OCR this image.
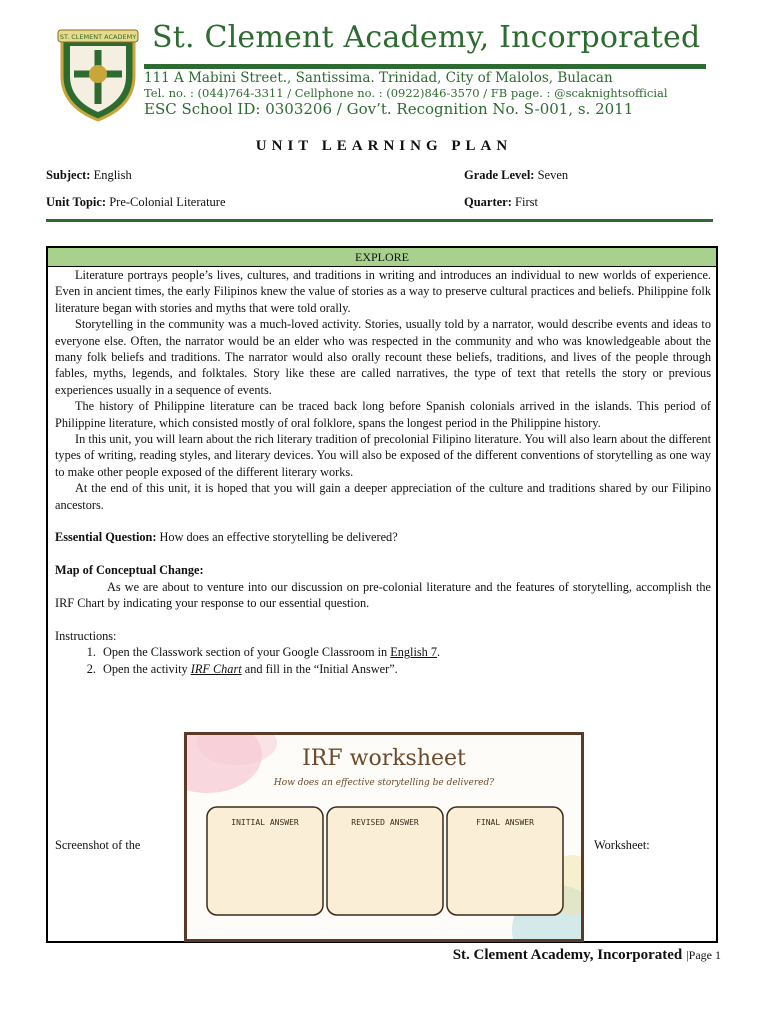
ST. CLEMENT ACADEMY St. Clement Academy, Incorporated
111 A Mabini Street., Santissima. Trinidad, City of Malolos, Bulacan
Tel. no. : (044)764-3311 / Cellphone no. : (0922)846-3570 / FB page. : @scaknightsofficial
ESC School ID: 0303206 / Gov’t. Recognition No. S-001, s. 2011
UNIT LEARNING PLAN
Subject: English	Grade Level: Seven
Unit Topic: Pre-Colonial Literature	Quarter: First
EXPLORE

Literature portrays people’s lives, cultures, and traditions in writing and introduces an individual to new worlds of experience. Even in ancient times, the early Filipinos knew the value of stories as a way to preserve cultural practices and beliefs. Philippine folk literature began with stories and myths that were told orally.

Storytelling in the community was a much-loved activity. Stories, usually told by a narrator, would describe events and ideas to everyone else. Often, the narrator would be an elder who was respected in the community and who was knowledgeable about the many folk beliefs and traditions. The narrator would also orally recount these beliefs, traditions, and lives of the people through fables, myths, legends, and folktales. Story like these are called narratives, the type of text that retells the story or previous experiences usually in a sequence of events.

The history of Philippine literature can be traced back long before Spanish colonials arrived in the islands. This period of Philippine literature, which consisted mostly of oral folklore, spans the longest period in the Philippine history.

In this unit, you will learn about the rich literary tradition of precolonial Filipino literature. You will also learn about the different types of writing, reading styles, and literary devices. You will also be exposed of the different conventions of storytelling as one way to make other people exposed of the different literary works.

At the end of this unit, it is hoped that you will gain a deeper appreciation of the culture and traditions shared by our Filipino ancestors.

Essential Question: How does an effective storytelling be delivered?

Map of Conceptual Change:

As we are about to venture into our discussion on pre-colonial literature and the features of storytelling, accomplish the IRF Chart by indicating your response to our essential question.

Instructions:

1. Open the Classwork section of your Google Classroom in English 7.
2. Open the activity IRF Chart and fill in the “Initial Answer”.
Screenshot of the	Worksheet:
IRF worksheet
How does an effective storytelling be delivered?
INITIAL ANSWER	REVISED ANSWER	FINAL ANSWER
St. Clement Academy, Incorporated |Page 1
